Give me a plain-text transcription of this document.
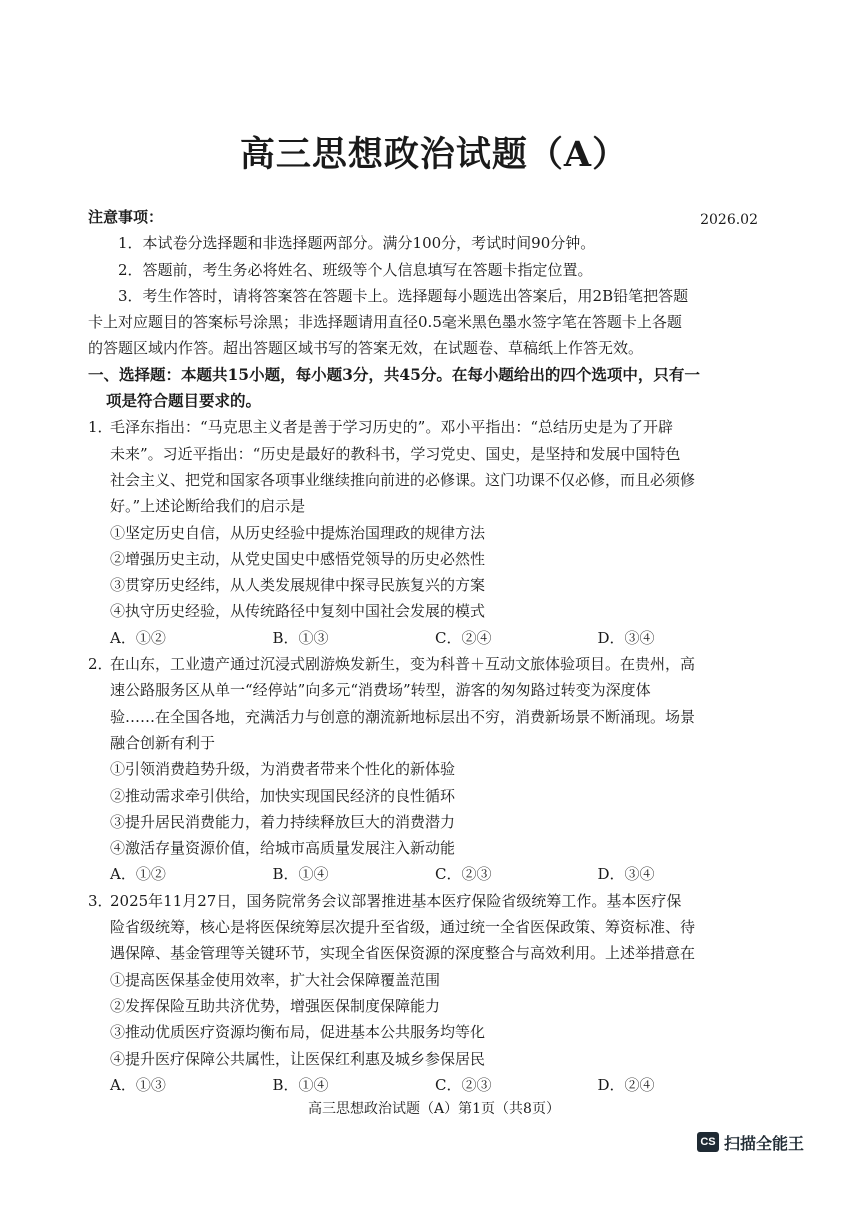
高三思想政治试题（A）
2026.02
注意事项：
1．本试卷分选择题和非选择题两部分。满分100分，考试时间90分钟。
2．答题前，考生务必将姓名、班级等个人信息填写在答题卡指定位置。
3．考生作答时，请将答案答在答题卡上。选择题每小题选出答案后，用2B铅笔把答题
卡上对应题目的答案标号涂黑；非选择题请用直径0.5毫米黑色墨水签字笔在答题卡上各题
的答题区域内作答。超出答题区域书写的答案无效，在试题卷、草稿纸上作答无效。
一、选择题：本题共15小题，每小题3分，共45分。在每小题给出的四个选项中，只有一
项是符合题目要求的。
1．
毛泽东指出：“马克思主义者是善于学习历史的”。邓小平指出：“总结历史是为了开辟
未来”。习近平指出：“历史是最好的教科书，学习党史、国史，是坚持和发展中国特色
社会主义、把党和国家各项事业继续推向前进的必修课。这门功课不仅必修，而且必须修
好。”上述论断给我们的启示是
①坚定历史自信，从历史经验中提炼治国理政的规律方法
②增强历史主动，从党史国史中感悟党领导的历史必然性
③贯穿历史经纬，从人类发展规律中探寻民族复兴的方案
④执守历史经验，从传统路径中复刻中国社会发展的模式
A．①②	B．①③	C．②④	D．③④
2．
在山东，工业遗产通过沉浸式剧游焕发新生，变为科普＋互动文旅体验项目。在贵州，高
速公路服务区从单一“经停站”向多元“消费场”转型，游客的匆匆路过转变为深度体
验……在全国各地，充满活力与创意的潮流新地标层出不穷，消费新场景不断涌现。场景
融合创新有利于
①引领消费趋势升级，为消费者带来个性化的新体验
②推动需求牵引供给，加快实现国民经济的良性循环
③提升居民消费能力，着力持续释放巨大的消费潜力
④激活存量资源价值，给城市高质量发展注入新动能
A．①②	B．①④	C．②③	D．③④
3．
2025年11月27日，国务院常务会议部署推进基本医疗保险省级统筹工作。基本医疗保
险省级统筹，核心是将医保统筹层次提升至省级，通过统一全省医保政策、筹资标准、待
遇保障、基金管理等关键环节，实现全省医保资源的深度整合与高效利用。上述举措意在
①提高医保基金使用效率，扩大社会保障覆盖范围
②发挥保险互助共济优势，增强医保制度保障能力
③推动优质医疗资源均衡布局，促进基本公共服务均等化
④提升医疗保障公共属性，让医保红利惠及城乡参保居民
A．①③	B．①④	C．②③	D．②④
高三思想政治试题（A）第1页（共8页）
CS 扫描全能王
